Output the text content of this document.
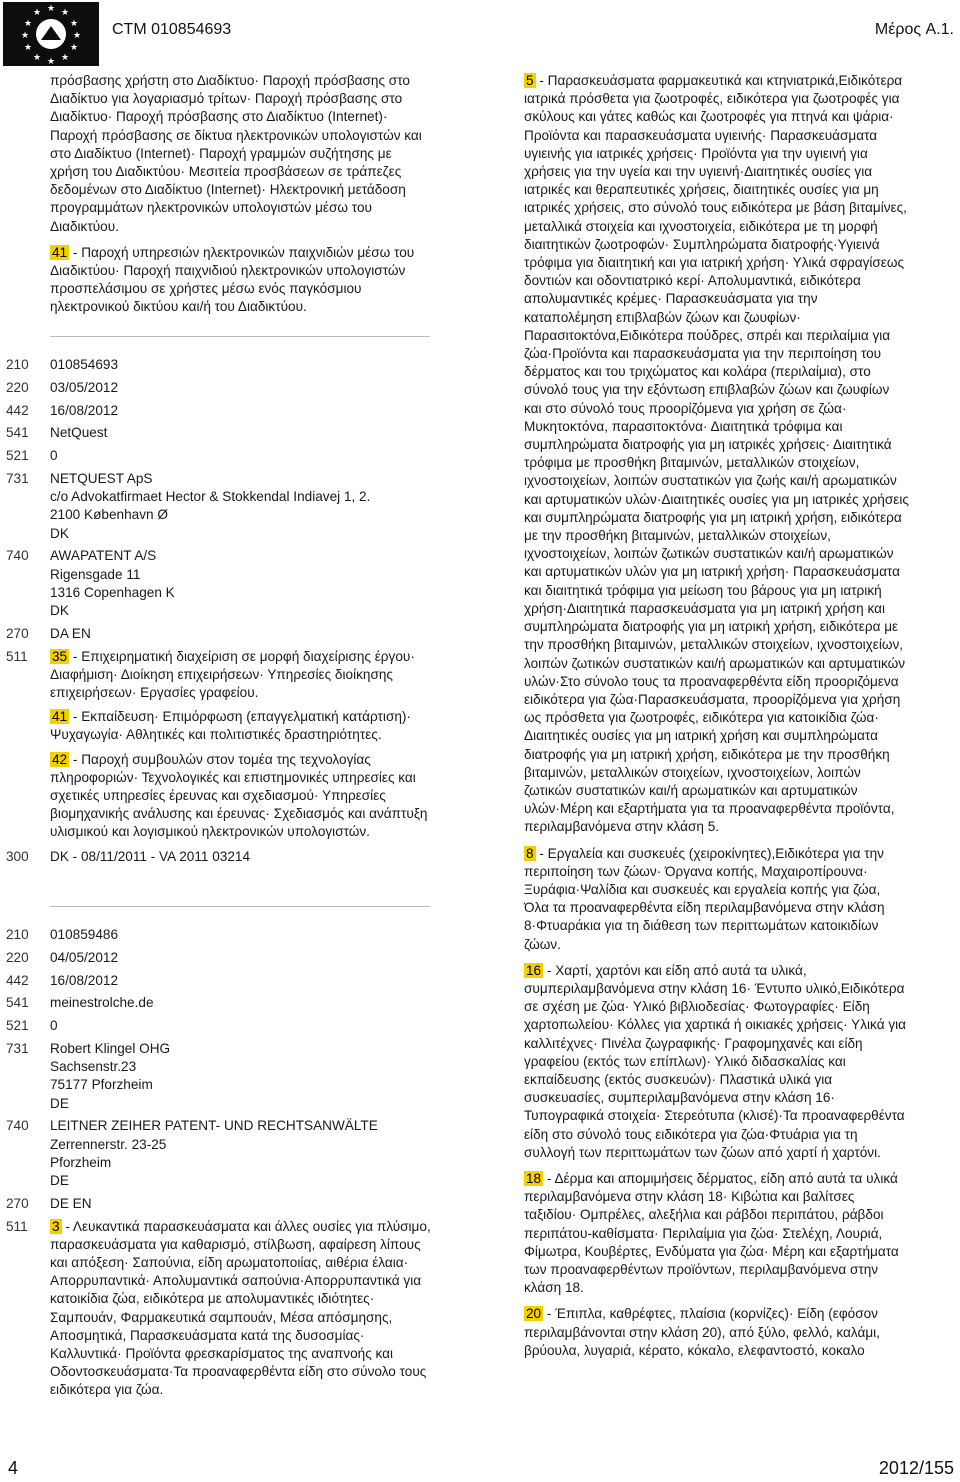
★ ★
★
★
★
★
★
★
★
★
★
★
CTM 010854693	Μέρος A.1.

πρόσβασης χρήστη στο Διαδίκτυο· Παροχή πρόσβασης στο Διαδίκτυο για λογαριασμό τρίτων· Παροχή πρόσβασης στο Διαδίκτυο· Παροχή πρόσβασης στο Διαδίκτυο (Internet)· Παροχή πρόσβασης σε δίκτυα ηλεκτρονικών υπολογιστών και στο Διαδίκτυο (Internet)· Παροχή γραμμών συζήτησης με χρήση του Διαδικτύου· Μεσιτεία προσβάσεων σε τράπεζες δεδομένων στο Διαδίκτυο (Internet)· Ηλεκτρονική μετάδοση προγραμμάτων ηλεκτρονικών υπολογιστών μέσω του Διαδικτύου.

41 - Παροχή υπηρεσιών ηλεκτρονικών παιχνιδιών μέσω του Διαδικτύου· Παροχή παιχνιδιού ηλεκτρονικών υπολογιστών προσπελάσιμου σε χρήστες μέσω ενός παγκόσμιου ηλεκτρονικού δικτύου και/ή του Διαδικτύου.

210	010854693
220	03/05/2012
442	16/08/2012
541	NetQuest
521	0
731	NETQUEST ApS
c/o Advokatfirmaet Hector & Stokkendal Indiavej 1, 2.
2100 København Ø
DK
740	AWAPATENT A/S
Rigensgade 11
1316 Copenhagen K
DK
270	DA EN
511	35 - Επιχειρηματική διαχείριση σε μορφή διαχείρισης έργου· Διαφήμιση· Διοίκηση επιχειρήσεων· Υπηρεσίες διοίκησης επιχειρήσεων· Εργασίες γραφείου.

41 - Εκπαίδευση· Επιμόρφωση (επαγγελματική κατάρτιση)· Ψυχαγωγία· Αθλητικές και πολιτιστικές δραστηριότητες.

42 - Παροχή συμβουλών στον τομέα της τεχνολογίας πληροφοριών· Τεχνολογικές και επιστημονικές υπηρεσίες και σχετικές υπηρεσίες έρευνας και σχεδιασμού· Υπηρεσίες βιομηχανικής ανάλυσης και έρευνας· Σχεδιασμός και ανάπτυξη υλισμικού και λογισμικού ηλεκτρονικών υπολογιστών.

300	DK - 08/11/2011 - VA 2011 03214
210	010859486
220	04/05/2012
442	16/08/2012
541	meinestrolche.de
521	0
731	Robert Klingel OHG
Sachsenstr.23
75177 Pforzheim
DE
740	LEITNER ZEIHER PATENT- UND RECHTSANWÄLTE
Zerrennerstr. 23-25
Pforzheim
DE
270	DE EN
511	3 - Λευκαντικά παρασκευάσματα και άλλες ουσίες για πλύσιμο, παρασκευάσματα για καθαρισμό, στίλβωση, αφαίρεση λίπους και απόξεση· Σαπούνια, είδη αρωματοποιίας, αιθέρια έλαια· Απορρυπαντικά· Απολυμαντικά σαπούνια·Απορρυπαντικά για κατοικίδια ζώα, ειδικότερα με απολυμαντικές ιδιότητες· Σαμπουάν, Φαρμακευτικά σαμπουάν, Μέσα απόσμησης, Αποσμητικά, Παρασκευάσματα κατά της δυσοσμίας· Καλλυντικά· Προϊόντα φρεσκαρίσματος της αναπνοής και Οδοντοσκευάσματα·Τα προαναφερθέντα είδη στο σύνολο τους ειδικότερα για ζώα.

5 - Παρασκευάσματα φαρμακευτικά και κτηνιατρικά,Ειδικότερα ιατρικά πρόσθετα για ζωοτροφές, ειδικότερα για ζωοτροφές για σκύλους και γάτες καθώς και ζωοτροφές για πτηνά και ψάρια· Προϊόντα και παρασκευάσματα υγιεινής· Παρασκευάσματα υγιεινής για ιατρικές χρήσεις· Προϊόντα για την υγιεινή για χρήσεις για την υγεία και την υγιεινή·Διαιτητικές ουσίες για ιατρικές και θεραπευτικές χρήσεις, διαιτητικές ουσίες για μη ιατρικές χρήσεις, στο σύνολό τους ειδικότερα με βάση βιταμίνες, μεταλλικά στοιχεία και ιχνοστοιχεία, ειδικότερα με τη μορφή διαιτητικών ζωοτροφών· Συμπληρώματα διατροφής·Υγιεινά τρόφιμα για διαιτητική και για ιατρική χρήση· Υλικά σφραγίσεως δοντιών και οδοντιατρικό κερί· Απολυμαντικά, ειδικότερα απολυμαντικές κρέμες· Παρασκευάσματα για την καταπολέμηση επιβλαβών ζώων και ζωυφίων· Παρασιτοκτόνα,Ειδικότερα πούδρες, σπρέι και περιλαίμια για ζώα·Προϊόντα και παρασκευάσματα για την περιποίηση του δέρματος και του τριχώματος και κολάρα (περιλαίμια), στο σύνολό τους για την εξόντωση επιβλαβών ζώων και ζωυφίων και στο σύνολό τους προορίζόμενα για χρήση σε ζώα· Μυκητοκτόνα, παρασιτοκτόνα· Διαιτητικά τρόφιμα και συμπληρώματα διατροφής για μη ιατρικές χρήσεις· Διαιτητικά τρόφιμα με προσθήκη βιταμινών, μεταλλικών στοιχείων, ιχνοστοιχείων, λοιπών συστατικών για ζωής και/ή αρωματικών και αρτυματικών υλών·Διαιτητικές ουσίες για μη ιατρικές χρήσεις και συμπληρώματα διατροφής για μη ιατρική χρήση, ειδικότερα με την προσθήκη βιταμινών, μεταλλικών στοιχείων, ιχνοστοιχείων, λοιπών ζωτικών συστατικών και/ή αρωματικών και αρτυματικών υλών για μη ιατρική χρήση· Παρασκευάσματα και διαιτητικά τρόφιμα για μείωση του βάρους για μη ιατρική χρήση·Διαιτητικά παρασκευάσματα για μη ιατρική χρήση και συμπληρώματα διατροφής για μη ιατρική χρήση, ειδικότερα με την προσθήκη βιταμινών, μεταλλικών στοιχείων, ιχνοστοιχείων, λοιπών ζωτικών συστατικών και/ή αρωματικών και αρτυματικών υλών·Στο σύνολο τους τα προαναφερθέντα είδη προοριζόμενα ειδικότερα για ζώα·Παρασκευάσματα, προορίζόμενα για χρήση ως πρόσθετα για ζωοτροφές, ειδικότερα για κατοικίδια ζώα· Διαιτητικές ουσίες για μη ιατρική χρήση και συμπληρώματα διατροφής για μη ιατρική χρήση, ειδικότερα με την προσθήκη βιταμινών, μεταλλικών στοιχείων, ιχνοστοιχείων, λοιπών ζωτικών συστατικών και/ή αρωματικών και αρτυματικών υλών·Μέρη και εξαρτήματα για τα προαναφερθέντα προϊόντα, περιλαμβανόμενα στην κλάση 5.

8 - Εργαλεία και συσκευές (χειροκίνητες),Ειδικότερα για την περιποίηση των ζώων· Όργανα κοπής, Μαχαιροπίρουνα· Ξυράφια·Ψαλίδια και συσκευές και εργαλεία κοπής για ζώα, Όλα τα προαναφερθέντα είδη περιλαμβανόμενα στην κλάση 8·Φτυαράκια για τη διάθεση των περιττωμάτων κατοικιδίων ζώων.

16 - Χαρτί, χαρτόνι και είδη από αυτά τα υλικά, συμπεριλαμβανόμενα στην κλάση 16· Έντυπο υλικό,Ειδικότερα σε σχέση με ζώα· Υλικό βιβλιοδεσίας· Φωτογραφίες· Είδη χαρτοπωλείου· Κόλλες για χαρτικά ή οικιακές χρήσεις· Υλικά για καλλιτέχνες· Πινέλα ζωγραφικής· Γραφομηχανές και είδη γραφείου (εκτός των επίπλων)· Υλικό διδασκαλίας και εκπαίδευσης (εκτός συσκευών)· Πλαστικά υλικά για συσκευασίες, συμπεριλαμβανόμενα στην κλάση 16· Τυπογραφικά στοιχεία· Στερεότυπα (κλισέ)·Τα προαναφερθέντα είδη στο σύνολό τους ειδικότερα για ζώα·Φτυάρια για τη συλλογή των περιττωμάτων των ζώων από χαρτί ή χαρτόνι.

18 - Δέρμα και απομιμήσεις δέρματος, είδη από αυτά τα υλικά περιλαμβανόμενα στην κλάση 18· Κιβώτια και βαλίτσες ταξιδίου· Ομπρέλες, αλεξήλια και ράβδοι περιπάτου, ράβδοι περιπάτου-καθίσματα· Περιλαίμια για ζώα· Στελέχη, Λουριά, Φίμωτρα, Κουβέρτες, Ενδύματα για ζώα· Μέρη και εξαρτήματα των προαναφερθέντων προϊόντων, περιλαμβανόμενα στην κλάση 18.

20 - Έπιπλα, καθρέφτες, πλαίσια (κορνίζες)· Είδη (εφόσον περιλαμβάνονται στην κλάση 20), από ξύλο, φελλό, καλάμι, βρύουλα, λυγαριά, κέρατο, κόκαλο, ελεφαντοστό, κοκαλο

4	2012/155
